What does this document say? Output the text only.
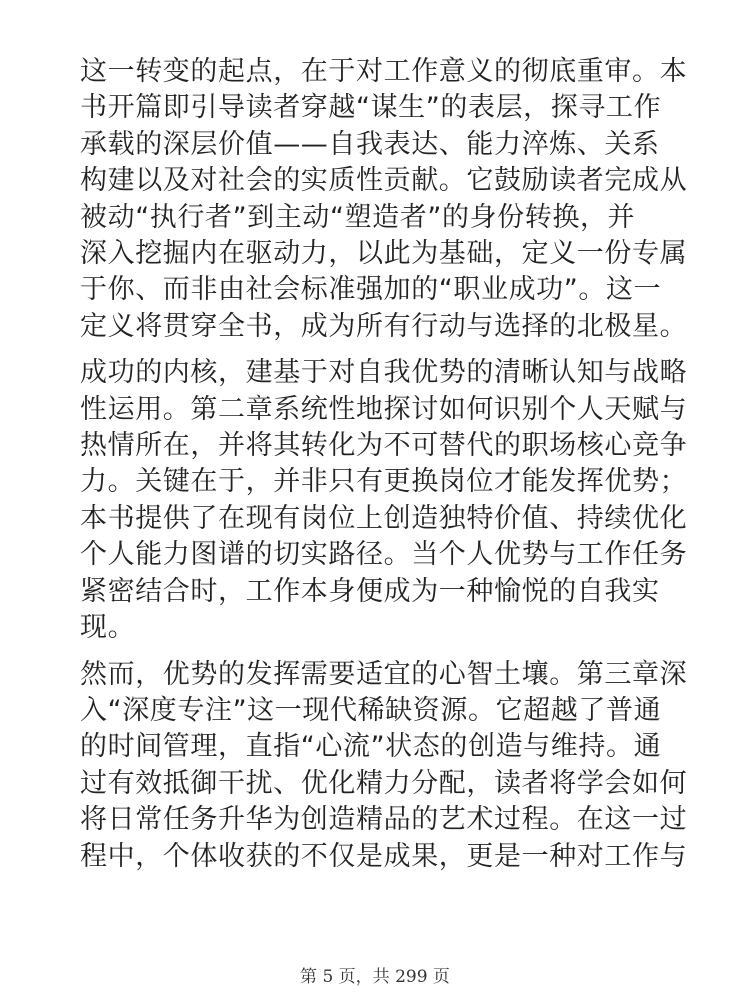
这一转变的起点，在于对工作意义的彻底重审。本
书开篇即引导读者穿越“谋生”的表层，探寻工作
承载的深层价值——自我表达、能力淬炼、关系
构建以及对社会的实质性贡献。它鼓励读者完成从
被动“执行者”到主动“塑造者”的身份转换，并
深入挖掘内在驱动力，以此为基础，定义一份专属
于你、而非由社会标准强加的“职业成功”。这一
定义将贯穿全书，成为所有行动与选择的北极星。
成功的内核，建基于对自我优势的清晰认知与战略
性运用。第二章系统性地探讨如何识别个人天赋与
热情所在，并将其转化为不可替代的职场核心竞争
力。关键在于，并非只有更换岗位才能发挥优势；
本书提供了在现有岗位上创造独特价值、持续优化
个人能力图谱的切实路径。当个人优势与工作任务
紧密结合时，工作本身便成为一种愉悦的自我实
现。
然而，优势的发挥需要适宜的心智土壤。第三章深
入“深度专注”这一现代稀缺资源。它超越了普通
的时间管理，直指“心流”状态的创造与维持。通
过有效抵御干扰、优化精力分配，读者将学会如何
将日常任务升华为创造精品的艺术过程。在这一过
程中，个体收获的不仅是成果，更是一种对工作与
第 5 页，共 299 页
